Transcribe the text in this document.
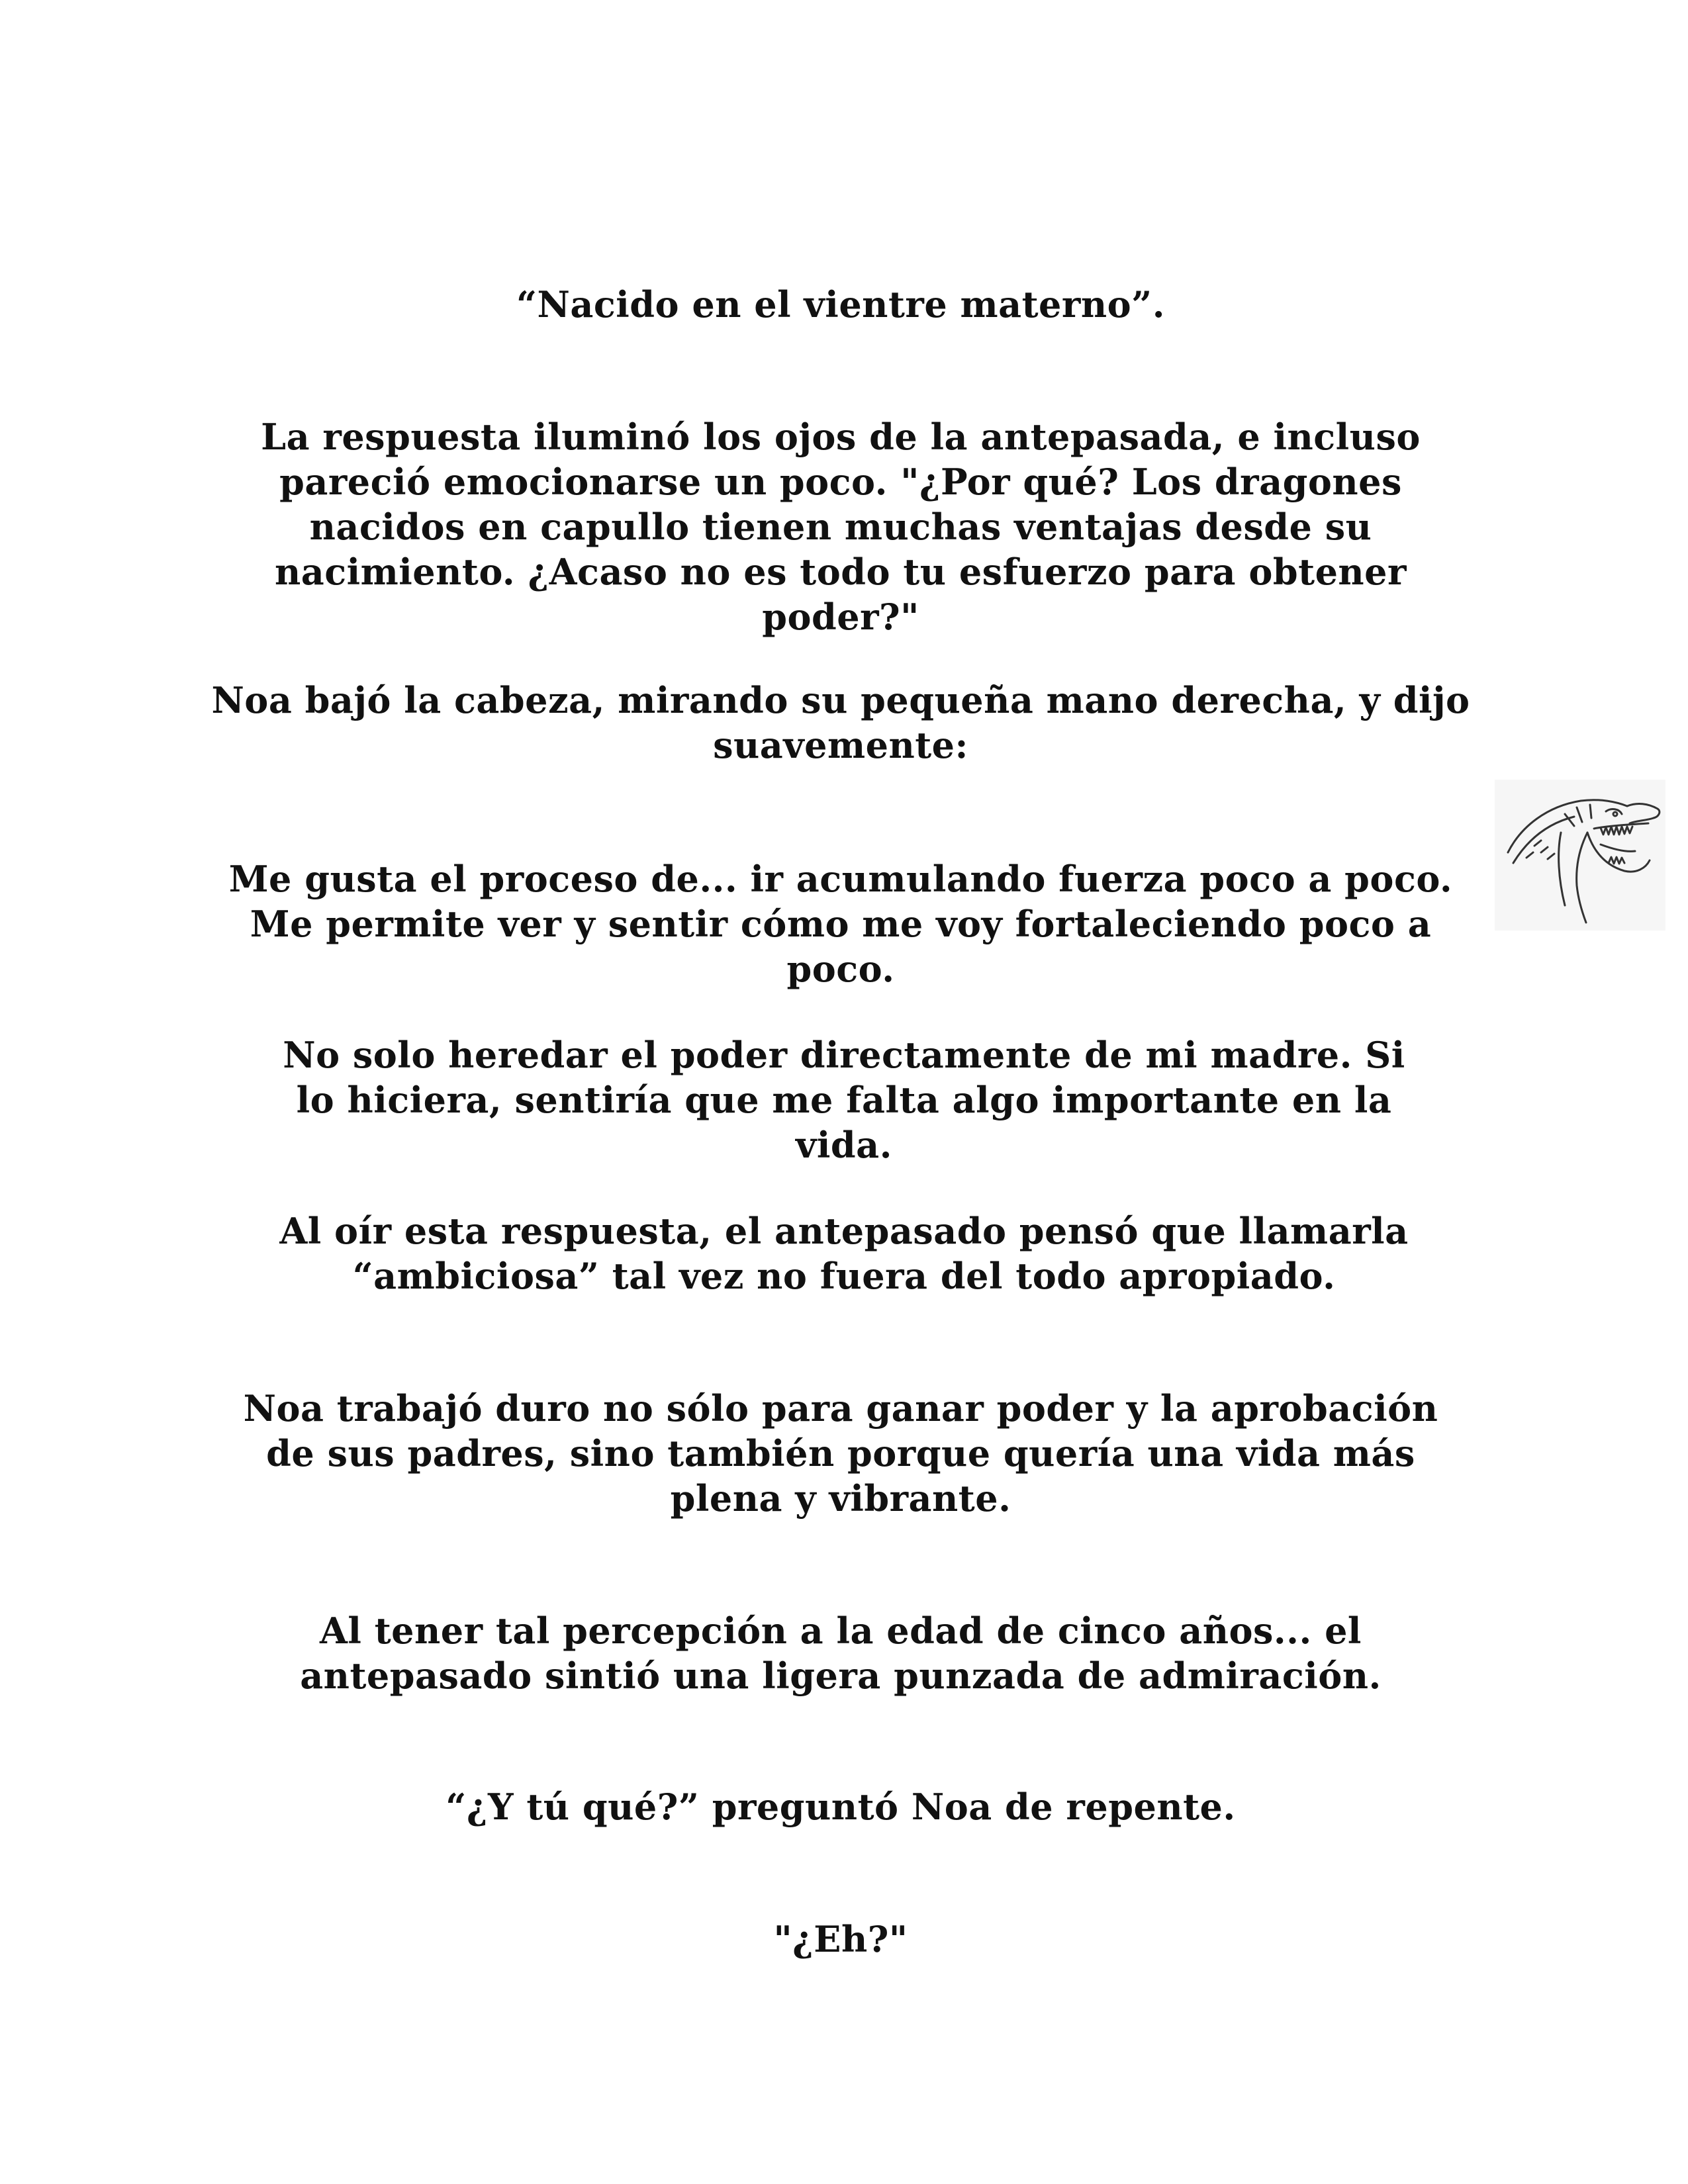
“Nacido en el vientre materno”.

La respuesta iluminó los ojos de la antepasada, e incluso pareció emocionarse un poco. "¿Por qué? Los dragones nacidos en capullo tienen muchas ventajas desde su nacimiento. ¿Acaso no es todo tu esfuerzo para obtener poder?"

Noa bajó la cabeza, mirando su pequeña mano derecha, y dijo suavemente:

Me gusta el proceso de... ir acumulando fuerza poco a poco. Me permite ver y sentir cómo me voy fortaleciendo poco a poco.

No solo heredar el poder directamente de mi madre. Si lo hiciera, sentiría que me falta algo importante en la vida.

Al oír esta respuesta, el antepasado pensó que llamarla “ambiciosa” tal vez no fuera del todo apropiado.

Noa trabajó duro no sólo para ganar poder y la aprobación de sus padres, sino también porque quería una vida más plena y vibrante.

Al tener tal percepción a la edad de cinco años... el antepasado sintió una ligera punzada de admiración.

“¿Y tú qué?” preguntó Noa de repente.

"¿Eh?"
